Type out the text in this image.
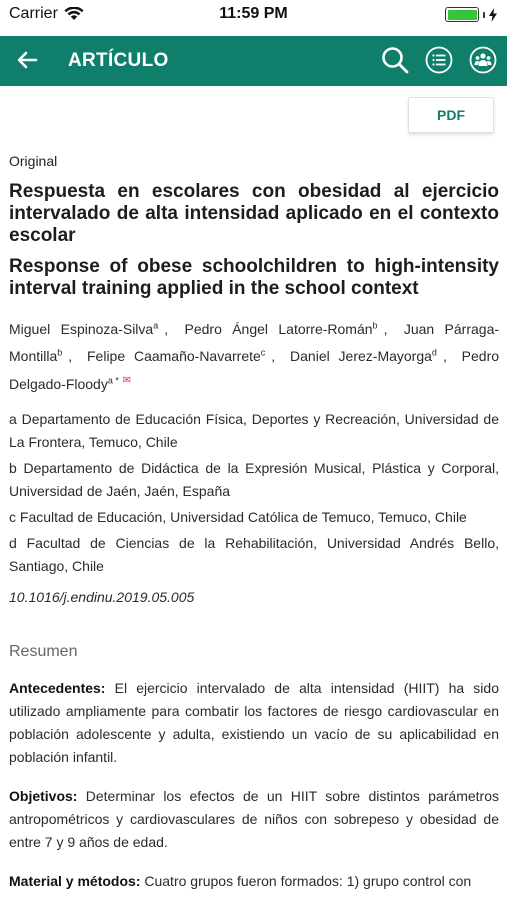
Carrier	11:59 PM
ARTÍCULO
PDF
Original
Respuesta en escolares con obesidad al ejercicio intervalado de alta intensidad aplicado en el contexto escolar
Response of obese schoolchildren to high-intensity interval training applied in the school context
Miguel Espinoza-Silva$^a$ , Pedro Ángel Latorre-Román$^b$ , Juan Párraga-Montilla$^b$ , Felipe Caamaño-Navarrete$^c$ , Daniel Jerez-Mayorga$^d$ , Pedro Delgado-Floody$^{a *}$ ✉

a Departamento de Educación Física, Deportes y Recreación, Universidad de La Frontera, Temuco, Chile

b Departamento de Didáctica de la Expresión Musical, Plástica y Corporal, Universidad de Jaén, Jaén, España

c Facultad de Educación, Universidad Católica de Temuco, Temuco, Chile

d Facultad de Ciencias de la Rehabilitación, Universidad Andrés Bello, Santiago, Chile

10.1016/j.endinu.2019.05.005
Resumen

Antecedentes: El ejercicio intervalado de alta intensidad (HIIT) ha sido utilizado ampliamente para combatir los factores de riesgo cardiovascular en población adolescente y adulta, existiendo un vacío de su aplicabilidad en población infantil.

Objetivos: Determinar los efectos de un HIIT sobre distintos parámetros antropométricos y cardiovasculares de niños con sobrepeso y obesidad de entre 7 y 9 años de edad.

Material y métodos: Cuatro grupos fueron formados: 1) grupo control con
